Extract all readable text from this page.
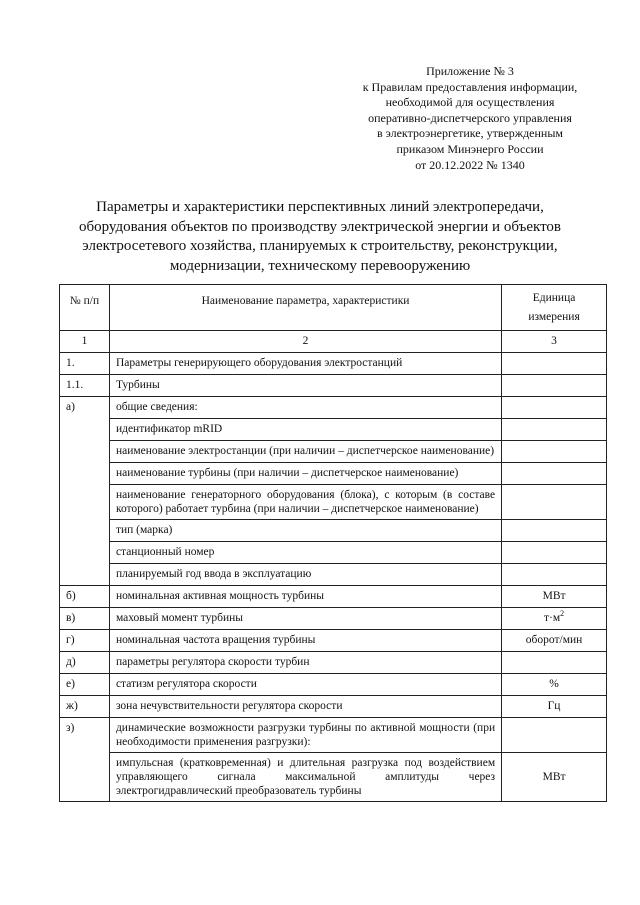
Приложение № 3
к Правилам предоставления информации,
необходимой для осуществления
оперативно-диспетчерского управления
в электроэнергетике, утвержденным
приказом Минэнерго России
от 20.12.2022 № 1340
Параметры и характеристики перспективных линий электропередачи,
оборудования объектов по производству электрической энергии и объектов
электросетевого хозяйства, планируемых к строительству, реконструкции,
модернизации, техническому перевооружению
№ п/п	Наименование параметра, характеристики	Единица измерения
1	2	3
1.	Параметры генерирующего оборудования электростанций	
1.1.	Турбины	
а)	общие сведения:	
	идентификатор mRID	
	наименование электростанции (при наличии – диспетчерское наименование)	
	наименование турбины (при наличии – диспетчерское наименование)	
	наименование генераторного оборудования (блока), с которым (в составе которого) работает турбина (при наличии – диспетчерское наименование)	
	тип (марка)	
	станционный номер	
	планируемый год ввода в эксплуатацию	
б)	номинальная активная мощность турбины	МВт
в)	маховый момент турбины	$т\cdot м^2$
г)	номинальная частота вращения турбины	оборот/мин
д)	параметры регулятора скорости турбин	
е)	статизм регулятора скорости	%
ж)	зона нечувствительности регулятора скорости	Гц
з)	динамические возможности разгрузки турбины по активной мощности (при необходимости применения разгрузки):	
	импульсная (кратковременная) и длительная разгрузка под воздействием управляющего сигнала максимальной амплитуды через электрогидравлический преобразователь турбины	МВт
